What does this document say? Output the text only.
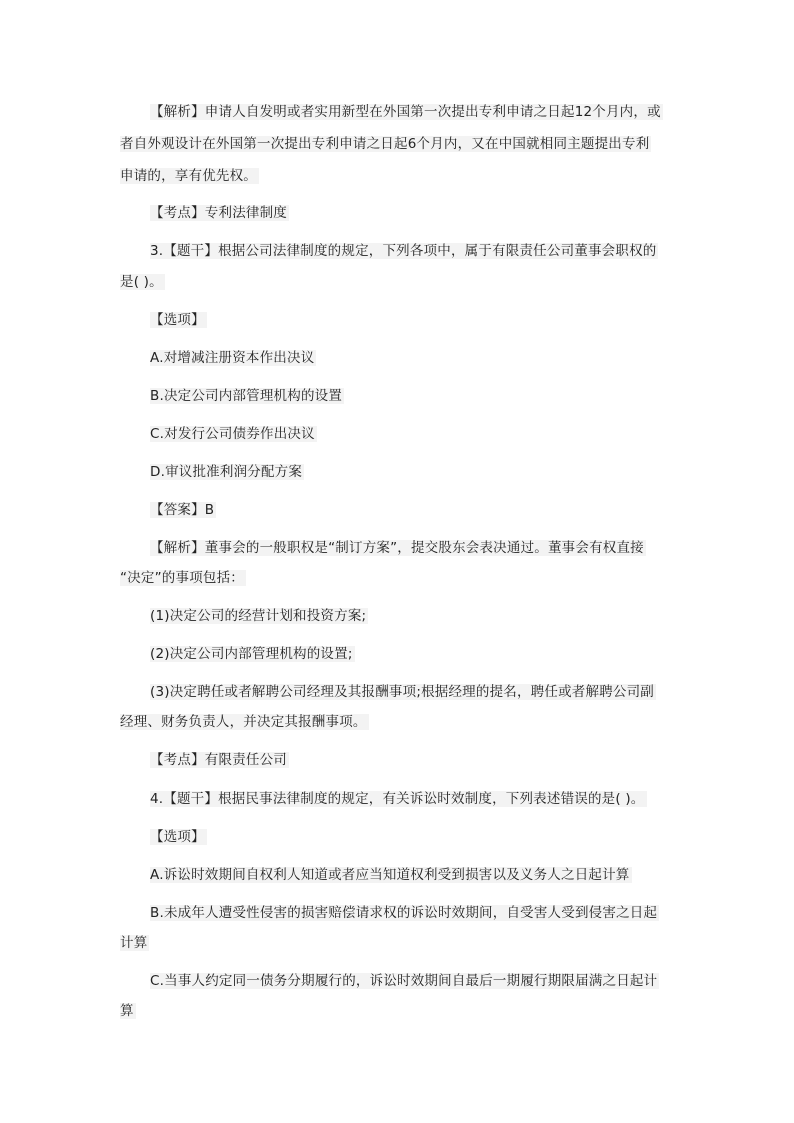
【解析】申请人自发明或者实用新型在外国第一次提出专利申请之日起12个月内，或

者自外观设计在外国第一次提出专利申请之日起6个月内，又在中国就相同主题提出专利

申请的，享有优先权。

【考点】专利法律制度

3.【题干】根据公司法律制度的规定，下列各项中，属于有限责任公司董事会职权的

是( )。

【选项】

A.对增减注册资本作出决议

B.决定公司内部管理机构的设置

C.对发行公司债券作出决议

D.审议批准利润分配方案

【答案】B

【解析】董事会的一般职权是“制订方案”，提交股东会表决通过。董事会有权直接

“决定”的事项包括：

(1)决定公司的经营计划和投资方案;

(2)决定公司内部管理机构的设置;

(3)决定聘任或者解聘公司经理及其报酬事项;根据经理的提名，聘任或者解聘公司副

经理、财务负责人，并决定其报酬事项。

【考点】有限责任公司

4.【题干】根据民事法律制度的规定，有关诉讼时效制度，下列表述错误的是( )。

【选项】

A.诉讼时效期间自权利人知道或者应当知道权利受到损害以及义务人之日起计算

B.未成年人遭受性侵害的损害赔偿请求权的诉讼时效期间，自受害人受到侵害之日起

计算

C.当事人约定同一债务分期履行的，诉讼时效期间自最后一期履行期限届满之日起计

算
